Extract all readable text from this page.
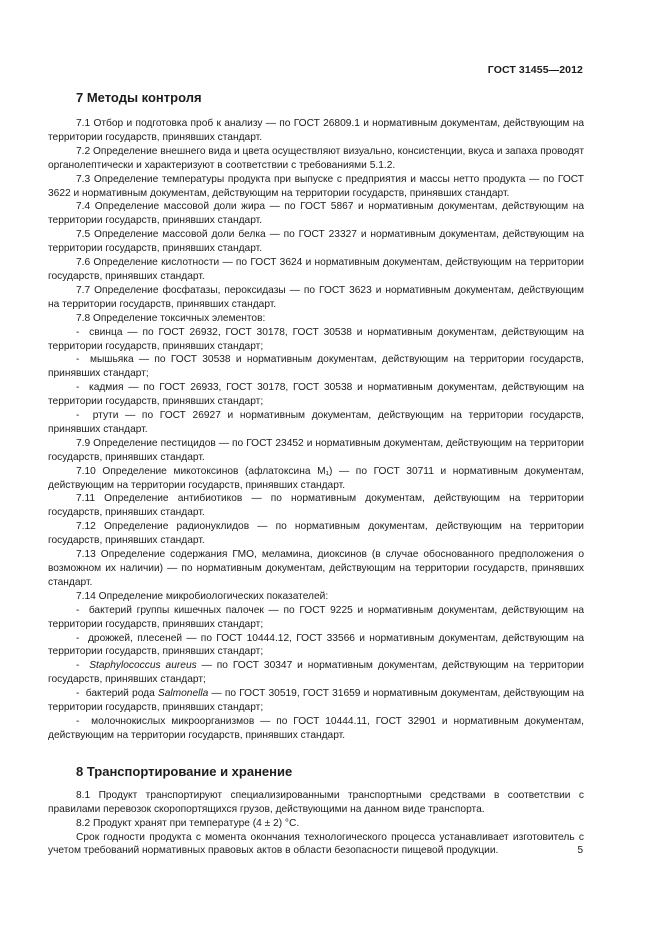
ГОСТ 31455—2012
7 Методы контроля

7.1 Отбор и подготовка проб к анализу — по ГОСТ 26809.1 и нормативным документам, действующим на территории государств, принявших стандарт.

7.2 Определение внешнего вида и цвета осуществляют визуально, консистенции, вкуса и запаха проводят органолептически и характеризуют в соответствии с требованиями 5.1.2.

7.3 Определение температуры продукта при выпуске с предприятия и массы нетто продукта — по ГОСТ 3622 и нормативным документам, действующим на территории государств, принявших стандарт.

7.4 Определение массовой доли жира — по ГОСТ 5867 и нормативным документам, действующим на территории государств, принявших стандарт.

7.5 Определение массовой доли белка — по ГОСТ 23327 и нормативным документам, действующим на территории государств, принявших стандарт.

7.6 Определение кислотности — по ГОСТ 3624 и нормативным документам, действующим на территории государств, принявших стандарт.

7.7 Определение фосфатазы, пероксидазы — по ГОСТ 3623 и нормативным документам, действующим на территории государств, принявших стандарт.

7.8 Определение токсичных элементов:

-  свинца — по ГОСТ 26932, ГОСТ 30178, ГОСТ 30538 и нормативным документам, действующим на территории государств, принявших стандарт;

-  мышьяка — по ГОСТ 30538 и нормативным документам, действующим на территории государств, принявших стандарт;

-  кадмия — по ГОСТ 26933, ГОСТ 30178, ГОСТ 30538 и нормативным документам, действующим на территории государств, принявших стандарт;

-  ртути — по ГОСТ 26927 и нормативным документам, действующим на территории государств, принявших стандарт.

7.9 Определение пестицидов — по ГОСТ 23452 и нормативным документам, действующим на территории государств, принявших стандарт.

7.10 Определение микотоксинов (афлатоксина M₁) — по ГОСТ 30711 и нормативным документам, действующим на территории государств, принявших стандарт.

7.11 Определение антибиотиков — по нормативным документам, действующим на территории государств, принявших стандарт.

7.12 Определение радионуклидов — по нормативным документам, действующим на территории государств, принявших стандарт.

7.13 Определение содержания ГМО, меламина, диоксинов (в случае обоснованного предположения о возможном их наличии) — по нормативным документам, действующим на территории государств, принявших стандарт.

7.14 Определение микробиологических показателей:

-  бактерий группы кишечных палочек — по ГОСТ 9225 и нормативным документам, действующим на территории государств, принявших стандарт;

-  дрожжей, плесеней — по ГОСТ 10444.12, ГОСТ 33566 и нормативным документам, действующим на территории государств, принявших стандарт;

-  Staphylococcus aureus — по ГОСТ 30347 и нормативным документам, действующим на территории государств, принявших стандарт;

-  бактерий рода Salmonella — по ГОСТ 30519, ГОСТ 31659 и нормативным документам, действующим на территории государств, принявших стандарт;

-  молочнокислых микроорганизмов — по ГОСТ 10444.11, ГОСТ 32901 и нормативным документам, действующим на территории государств, принявших стандарт.

8 Транспортирование и хранение

8.1 Продукт транспортируют специализированными транспортными средствами в соответствии с правилами перевозок скоропортящихся грузов, действующими на данном виде транспорта.

8.2 Продукт хранят при температуре (4 ± 2) °С.

Срок годности продукта с момента окончания технологического процесса устанавливает изготовитель с учетом требований нормативных правовых актов в области безопасности пищевой продукции.	5
